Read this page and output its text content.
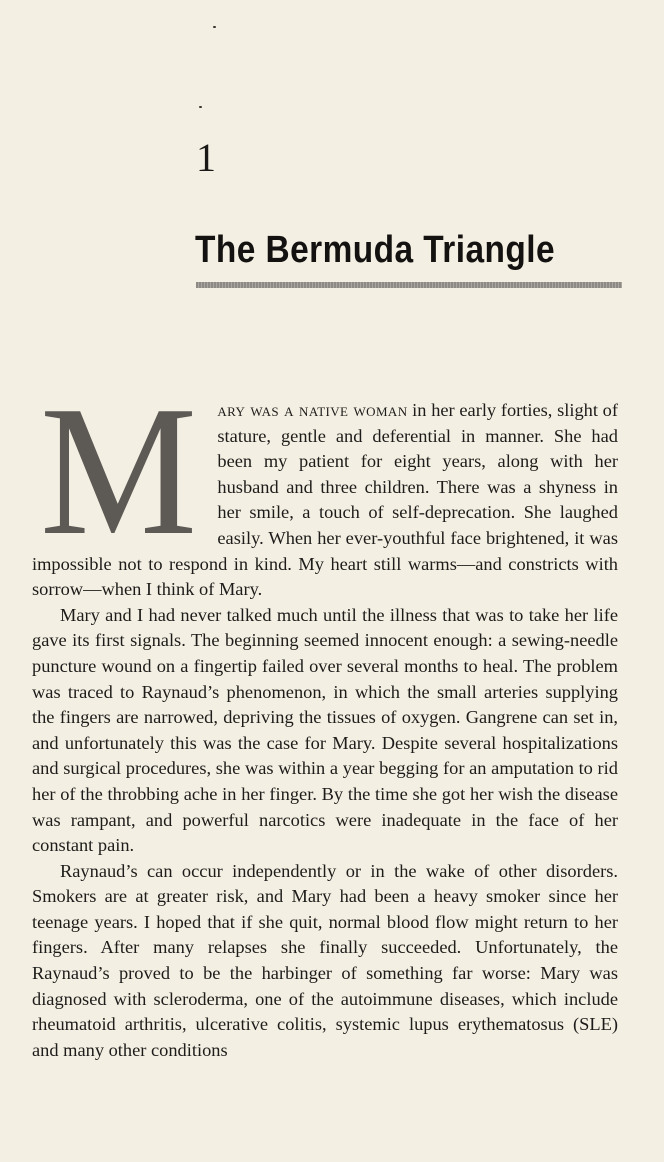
1
The Bermuda Triangle

M ary was a native woman in her early forties, slight of stature, gentle and deferential in manner. She had been my patient for eight years, along with her husband and three children. There was a shyness in her smile, a touch of self-deprecation. She laughed easily. When her ever-youthful face brightened, it was impossible not to respond in kind. My heart still warms—and constricts with sorrow—when I think of Mary.

Mary and I had never talked much until the illness that was to take her life gave its first signals. The beginning seemed innocent enough: a sewing-needle puncture wound on a fingertip failed over several months to heal. The problem was traced to Raynaud’s phenomenon, in which the small arteries supplying the fingers are narrowed, depriving the tissues of oxygen. Gangrene can set in, and unfortunately this was the case for Mary. Despite several hospitalizations and surgical procedures, she was within a year begging for an amputation to rid her of the throbbing ache in her finger. By the time she got her wish the disease was rampant, and powerful narcotics were inadequate in the face of her constant pain.

Raynaud’s can occur independently or in the wake of other disorders. Smokers are at greater risk, and Mary had been a heavy smoker since her teenage years. I hoped that if she quit, normal blood flow might return to her fingers. After many relapses she finally succeeded. Unfortunately, the Raynaud’s proved to be the harbinger of something far worse: Mary was diagnosed with scleroderma, one of the autoimmune diseases, which include rheumatoid arthritis, ulcerative colitis, systemic lupus erythematosus (SLE) and many other conditions
